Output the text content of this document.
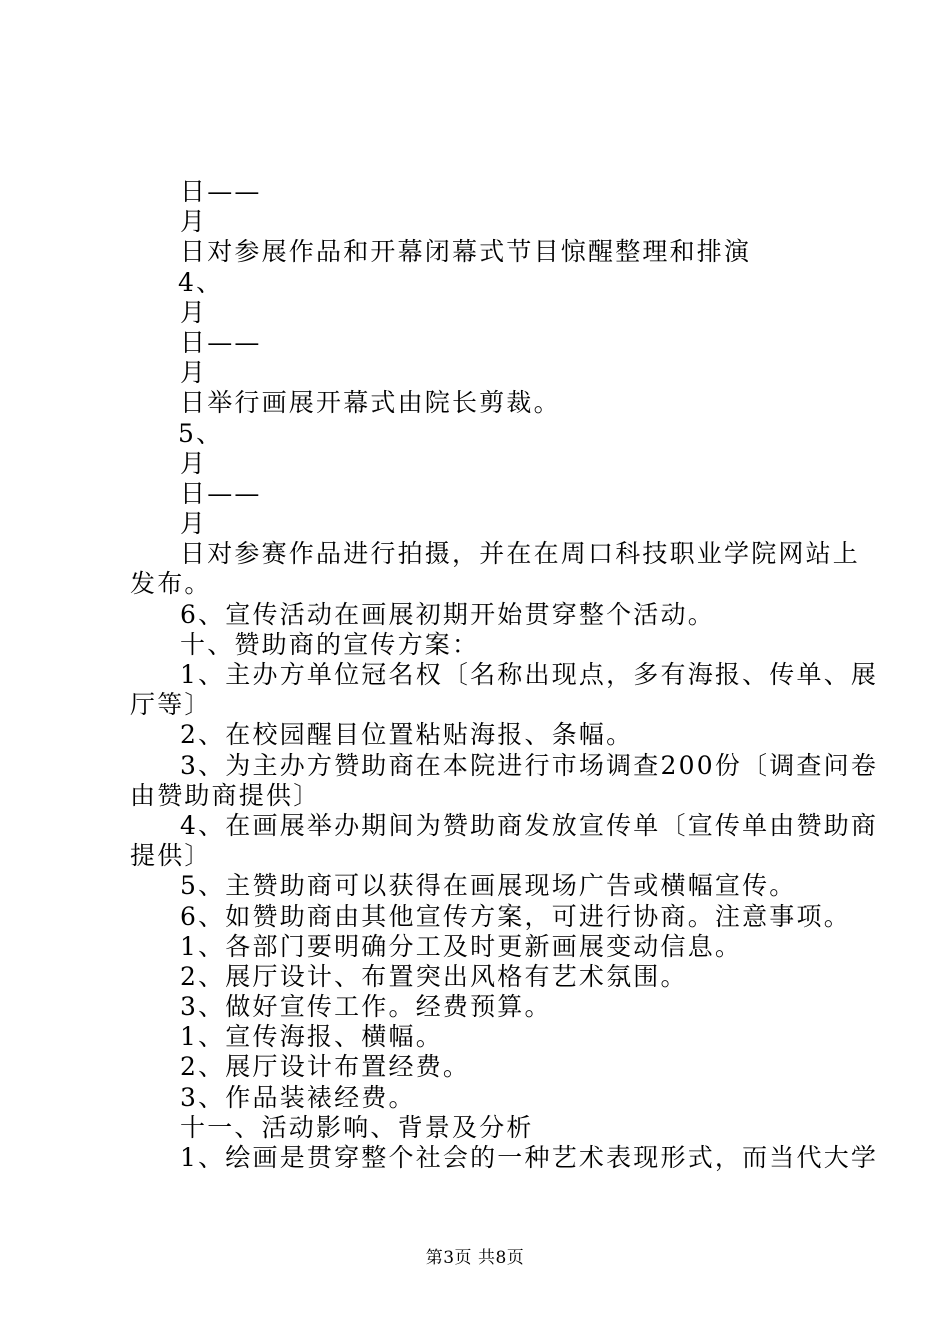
日——
月
日对参展作品和开幕闭幕式节目惊醒整理和排演
4、
月
日——
月
日举行画展开幕式由院长剪裁。
5、
月
日——
月
日对参赛作品进行拍摄，并在在周口科技职业学院网站上
发布。
6、宣传活动在画展初期开始贯穿整个活动。
十、赞助商的宣传方案：
1、主办方单位冠名权〔名称出现点，多有海报、传单、展
厅等〕
2、在校园醒目位置粘贴海报、条幅。
3、为主办方赞助商在本院进行市场调查200份〔调查问卷
由赞助商提供〕
4、在画展举办期间为赞助商发放宣传单〔宣传单由赞助商
提供〕
5、主赞助商可以获得在画展现场广告或横幅宣传。
6、如赞助商由其他宣传方案，可进行协商。注意事项。
1、各部门要明确分工及时更新画展变动信息。
2、展厅设计、布置突出风格有艺术氛围。
3、做好宣传工作。经费预算。
1、宣传海报、横幅。
2、展厅设计布置经费。
3、作品装裱经费。
十一、活动影响、背景及分析
1、绘画是贯穿整个社会的一种艺术表现形式，而当代大学
第3页 共8页
